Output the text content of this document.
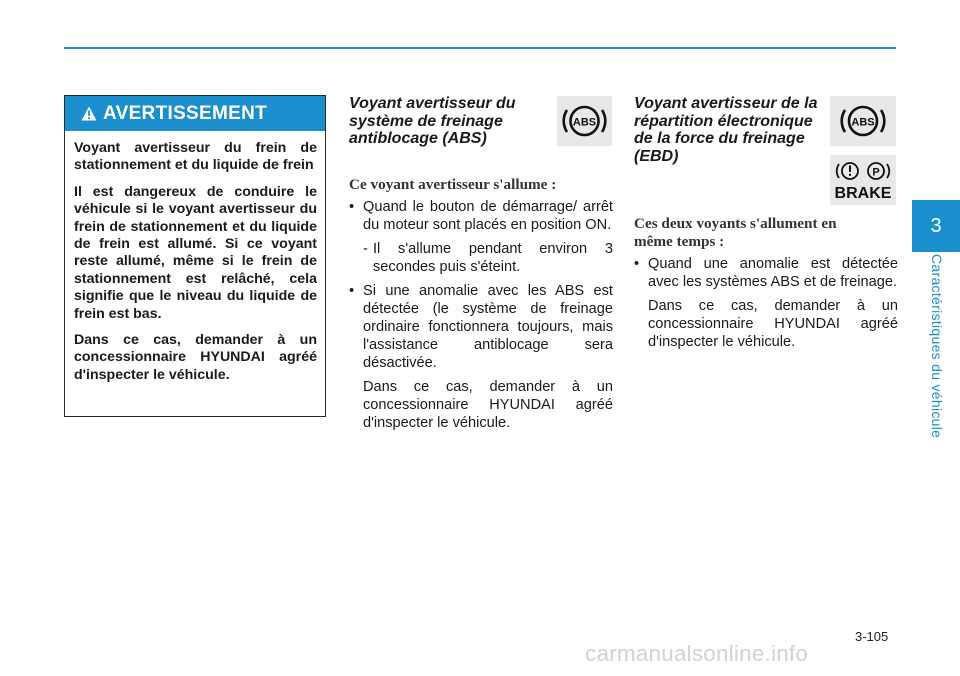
AVERTISSEMENT

Voyant avertisseur du frein de stationnement et du liquide de frein

Il est dangereux de conduire le véhicule si le voyant avertisseur du frein de stationnement et du liquide de frein est allumé. Si ce voyant reste allumé, même si le frein de stationnement est relâché, cela signifie que le niveau du liquide de frein est bas.

Dans ce cas, demander à un concessionnaire HYUNDAI agréé d'inspecter le véhicule.

Voyant avertisseur du système de freinage antiblocage (ABS)

Ce voyant avertisseur s'allume :

• Quand le bouton de démarrage/ arrêt du moteur sont placés en position ON.

- Il s'allume pendant environ 3 secondes puis s'éteint.

• Si une anomalie avec les ABS est détectée (le système de freinage ordinaire fonctionnera toujours, mais l'assistance antiblocage sera désactivée.

Dans ce cas, demander à un concessionnaire HYUNDAI agréé d'inspecter le véhicule.

ABS

Voyant avertisseur de la répartition électronique de la force du freinage (EBD)

Ces deux voyants s'allument en même temps :

• Quand une anomalie est détectée avec les systèmes ABS et de freinage.

Dans ce cas, demander à un concessionnaire HYUNDAI agréé d'inspecter le véhicule.

ABS
P
BRAKE
3
Caractéristiques du véhicule
3-105
carmanualsonline.info
